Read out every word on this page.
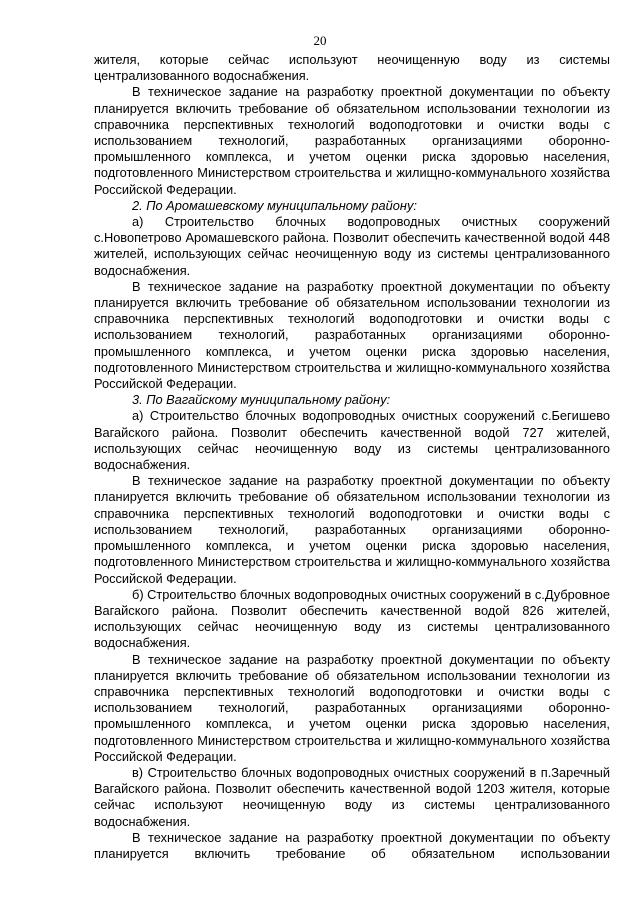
20

жителя, которые сейчас используют неочищенную воду из системы централизованного водоснабжения.

В техническое задание на разработку проектной документации по объекту планируется включить требование об обязательном использовании технологии из справочника перспективных технологий водоподготовки и очистки воды с использованием технологий, разработанных организациями оборонно-промышленного комплекса, и учетом оценки риска здоровью населения, подготовленного Министерством строительства и жилищно-коммунального хозяйства Российской Федерации.

2. По Аромашевскому муниципальному району:

а) Строительство блочных водопроводных очистных сооружений с.Новопетрово Аромашевского района. Позволит обеспечить качественной водой 448 жителей, использующих сейчас неочищенную воду из системы централизованного водоснабжения.

В техническое задание на разработку проектной документации по объекту планируется включить требование об обязательном использовании технологии из справочника перспективных технологий водоподготовки и очистки воды с использованием технологий, разработанных организациями оборонно-промышленного комплекса, и учетом оценки риска здоровью населения, подготовленного Министерством строительства и жилищно-коммунального хозяйства Российской Федерации.

3. По Вагайскому муниципальному району:

а) Строительство блочных водопроводных очистных сооружений с.Бегишево Вагайского района. Позволит обеспечить качественной водой 727 жителей, использующих сейчас неочищенную воду из системы централизованного водоснабжения.

В техническое задание на разработку проектной документации по объекту планируется включить требование об обязательном использовании технологии из справочника перспективных технологий водоподготовки и очистки воды с использованием технологий, разработанных организациями оборонно-промышленного комплекса, и учетом оценки риска здоровью населения, подготовленного Министерством строительства и жилищно-коммунального хозяйства Российской Федерации.

б) Строительство блочных водопроводных очистных сооружений в с.Дубровное Вагайского района. Позволит обеспечить качественной водой 826 жителей, использующих сейчас неочищенную воду из системы централизованного водоснабжения.

В техническое задание на разработку проектной документации по объекту планируется включить требование об обязательном использовании технологии из справочника перспективных технологий водоподготовки и очистки воды с использованием технологий, разработанных организациями оборонно-промышленного комплекса, и учетом оценки риска здоровью населения, подготовленного Министерством строительства и жилищно-коммунального хозяйства Российской Федерации.

в) Строительство блочных водопроводных очистных сооружений в п.Заречный Вагайского района. Позволит обеспечить качественной водой 1203 жителя, которые сейчас используют неочищенную воду из системы централизованного водоснабжения.

В техническое задание на разработку проектной документации по объекту планируется включить требование об обязательном использовании
